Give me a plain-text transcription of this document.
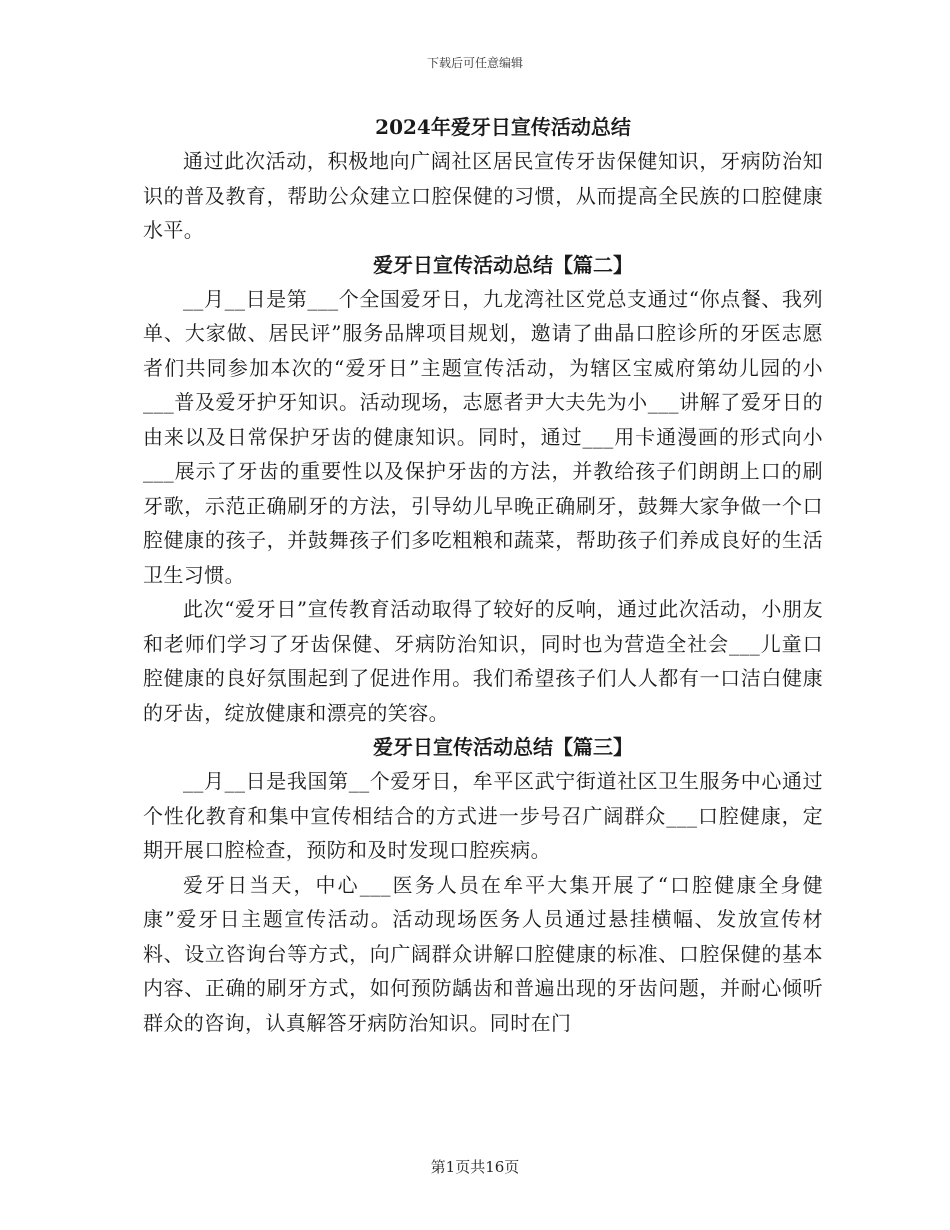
下载后可任意编辑
2024年爱牙日宣传活动总结

通过此次活动，积极地向广阔社区居民宣传牙齿保健知识，牙病防治知识的普及教育，帮助公众建立口腔保健的习惯，从而提高全民族的口腔健康水平。

爱牙日宣传活动总结【篇二】

__月__日是第___个全国爱牙日，九龙湾社区党总支通过“你点餐、我列单、大家做、居民评”服务品牌项目规划，邀请了曲晶口腔诊所的牙医志愿者们共同参加本次的“爱牙日”主题宣传活动，为辖区宝威府第幼儿园的小___普及爱牙护牙知识。活动现场，志愿者尹大夫先为小___讲解了爱牙日的由来以及日常保护牙齿的健康知识。同时，通过___用卡通漫画的形式向小___展示了牙齿的重要性以及保护牙齿的方法，并教给孩子们朗朗上口的刷牙歌，示范正确刷牙的方法，引导幼儿早晚正确刷牙，鼓舞大家争做一个口腔健康的孩子，并鼓舞孩子们多吃粗粮和蔬菜，帮助孩子们养成良好的生活卫生习惯。

此次“爱牙日”宣传教育活动取得了较好的反响，通过此次活动，小朋友和老师们学习了牙齿保健、牙病防治知识，同时也为营造全社会___儿童口腔健康的良好氛围起到了促进作用。我们希望孩子们人人都有一口洁白健康的牙齿，绽放健康和漂亮的笑容。

爱牙日宣传活动总结【篇三】

__月__日是我国第__个爱牙日，牟平区武宁街道社区卫生服务中心通过个性化教育和集中宣传相结合的方式进一步号召广阔群众___口腔健康，定期开展口腔检查，预防和及时发现口腔疾病。

爱牙日当天，中心___医务人员在牟平大集开展了“口腔健康全身健康”爱牙日主题宣传活动。活动现场医务人员通过悬挂横幅、发放宣传材料、设立咨询台等方式，向广阔群众讲解口腔健康的标准、口腔保健的基本内容、正确的刷牙方式，如何预防龋齿和普遍出现的牙齿问题，并耐心倾听群众的咨询，认真解答牙病防治知识。同时在门

第1页共16页
